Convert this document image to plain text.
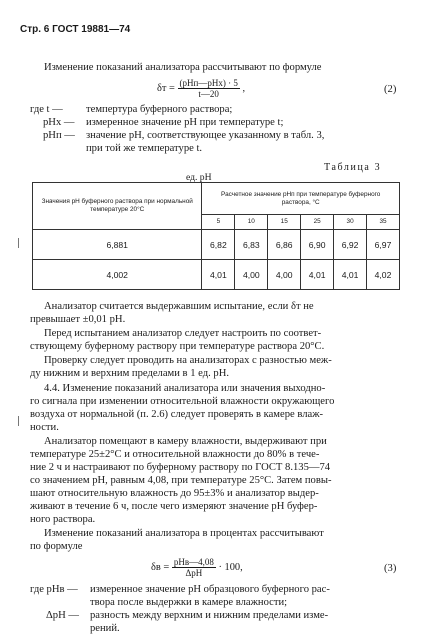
Стр. 6 ГОСТ 19881—74
Изменение показаний анализатора рассчитывают по формуле
$\delta т = \frac{\text{(pHп—pHх) · 5}}{t—20}$ ,	(2)
где t — темпертура буферного раствора;
pHх — измеренное значение pH при температуре t;
pHп — значение pH, соответствующее указанному в табл. 3,
при той же температуре t.
Таблица 3
ед. pH
Значения pH буферного раствора при нормальной температуре 20°С	Расчетное значение pHп при температуре буферного раствора, °С					
	5	10	15	25	30	35
6,881	6,82	6,83	6,86	6,90	6,92	6,97
4,002	4,01	4,00	4,00	4,01	4,01	4,02
Анализатор считается выдержавшим испытание, если δт не
превышает ±0,01 pH.
Перед испытанием анализатор следует настроить по соответ-
ствующему буферному раствору при температуре раствора 20°С.
Проверку следует проводить на анализаторах с разностью меж-
ду нижним и верхним пределами в 1 ед. pH.
4.4. Изменение показаний анализатора или значения выходно-
го сигнала при изменении относительной влажности окружающего
воздуха от нормальной (п. 2.6) следует проверять в камере влаж-
ности.
Анализатор помещают в камеру влажности, выдерживают при
температуре 25±2°С и относительной влажности до 80% в тече-
ние 2 ч и настраивают по буферному раствору по ГОСТ 8.135—74
со значением pH, равным 4,08, при температуре 25°С. Затем повы-
шают относительную влажность до 95±3% и анализатор выдер-
живают в течение 6 ч, после чего измеряют значение pH буфер-
ного раствора.
Изменение показаний анализатора в процентах рассчитывают
по формуле
$\delta в = \frac{\text{pHв—4,08}}{\text{ΔpH}} \cdot 100$,	(3)
где pHв — измеренное значение pH образцового буферного рас-
твора после выдержки в камере влажности;
ΔpH — разность между верхним и нижним пределами изме-
рений.
